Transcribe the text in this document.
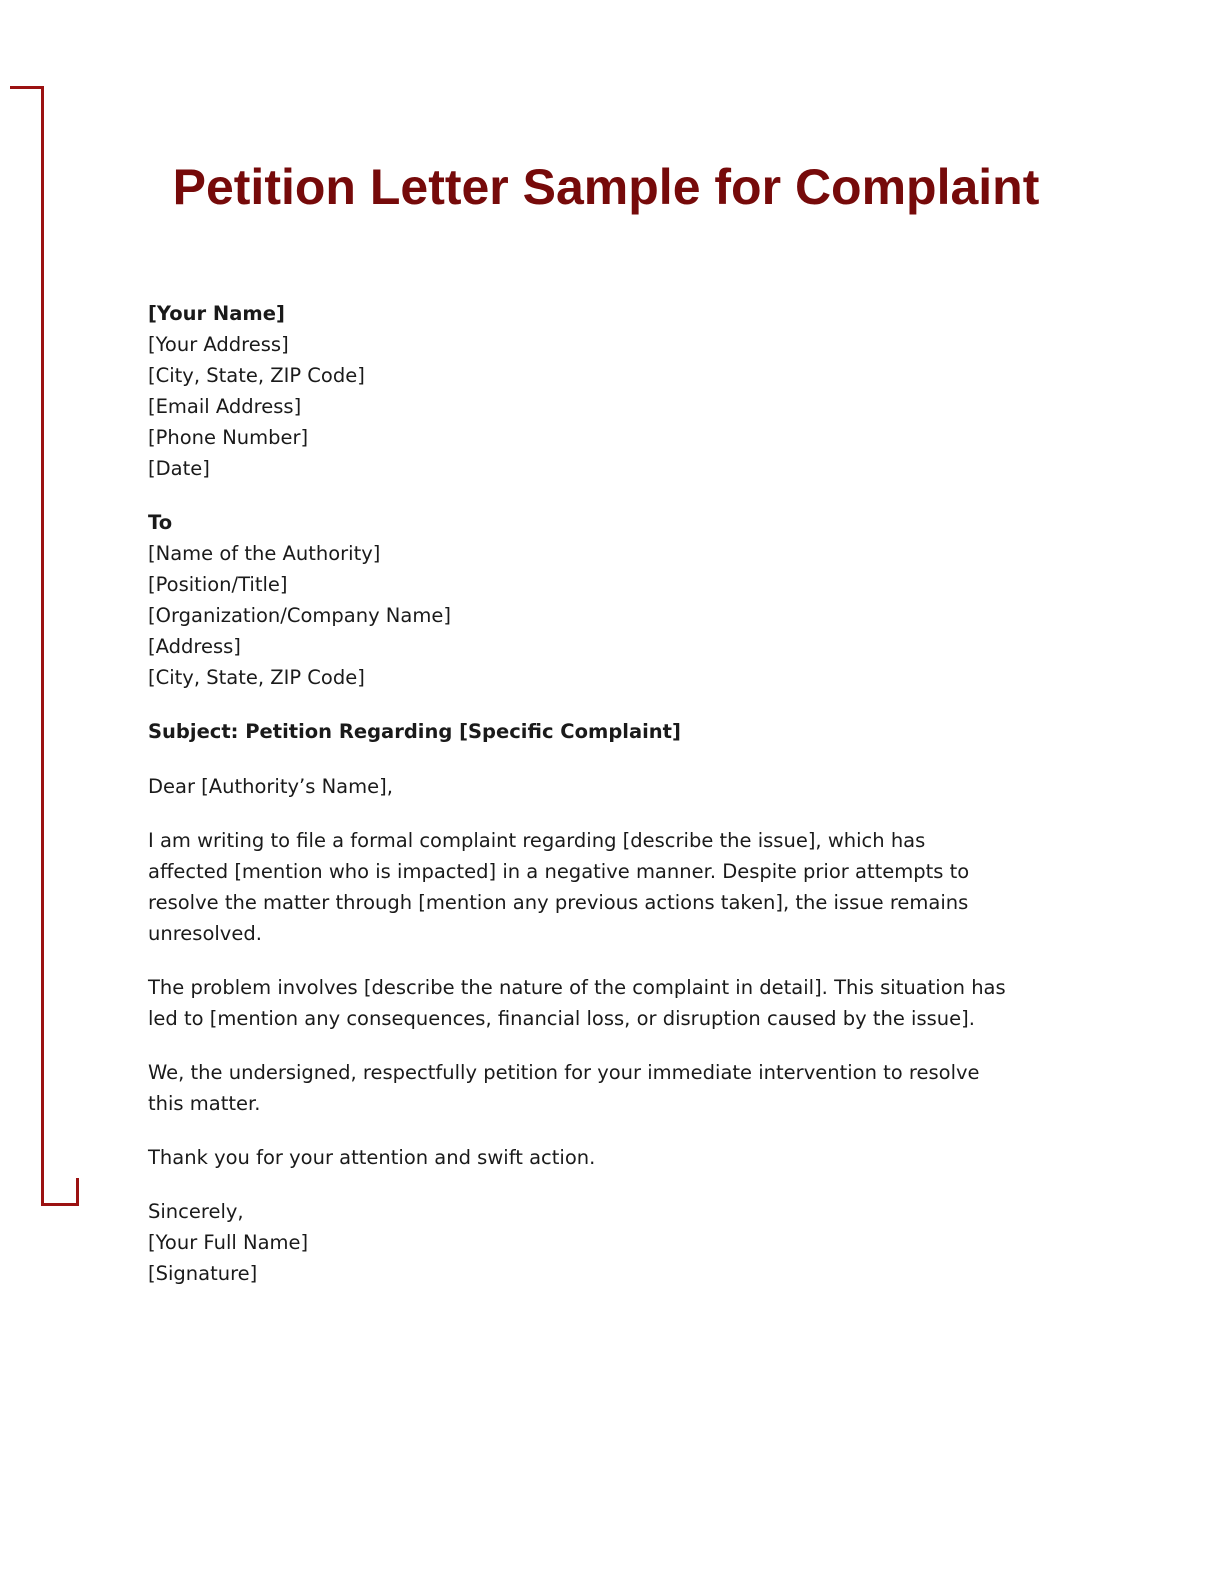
Petition Letter Sample for Complaint
[Your Name]
[Your Address]
[City, State, ZIP Code]
[Email Address]
[Phone Number]
[Date]
To
[Name of the Authority]
[Position/Title]
[Organization/Company Name]
[Address]
[City, State, ZIP Code]
Subject: Petition Regarding [Specific Complaint]
Dear [Authority’s Name],
I am writing to file a formal complaint regarding [describe the issue], which has
affected [mention who is impacted] in a negative manner. Despite prior attempts to
resolve the matter through [mention any previous actions taken], the issue remains
unresolved.
The problem involves [describe the nature of the complaint in detail]. This situation has
led to [mention any consequences, financial loss, or disruption caused by the issue].
We, the undersigned, respectfully petition for your immediate intervention to resolve
this matter.
Thank you for your attention and swift action.
Sincerely,
[Your Full Name]
[Signature]
